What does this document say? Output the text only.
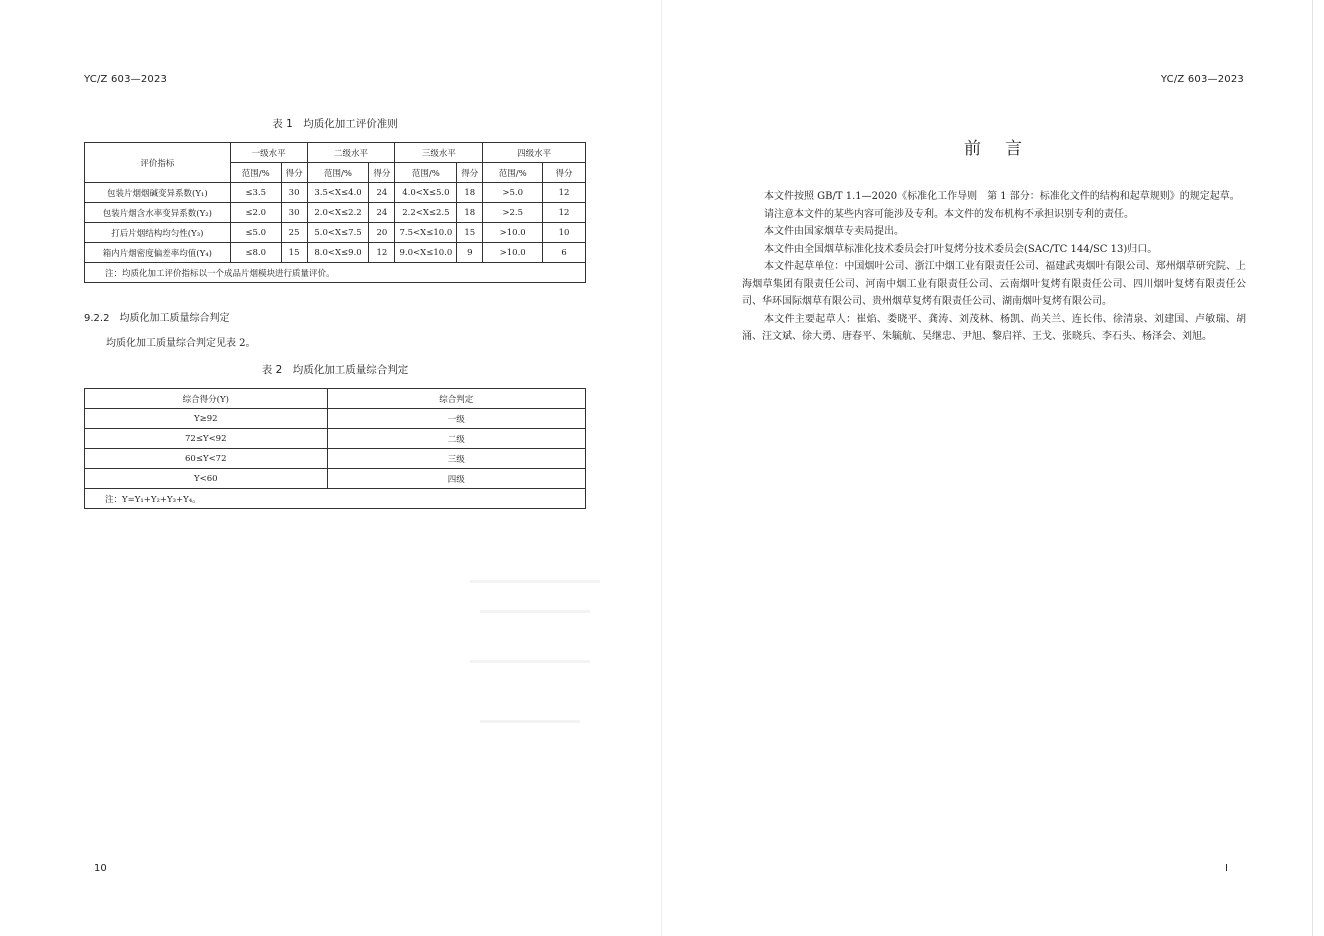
YC/Z 603—2023
表 1　均质化加工评价准则
评价指标	一级水平		二级水平		三级水平		四级水平	
	范围/%	得分	范围/%	得分	范围/%	得分	范围/%	得分
包装片烟烟碱变异系数(Y₁)	≤3.5	30	3.5<X≤4.0	24	4.0<X≤5.0	18	>5.0	12
包装片烟含水率变异系数(Y₂)	≤2.0	30	2.0<X≤2.2	24	2.2<X≤2.5	18	>2.5	12
打后片烟结构均匀性(Y₃)	≤5.0	25	5.0<X≤7.5	20	7.5<X≤10.0	15	>10.0	10
箱内片烟密度偏差率均值(Y₄)	≤8.0	15	8.0<X≤9.0	12	9.0<X≤10.0	9	>10.0	6
注：均质化加工评价指标以一个成品片烟模块进行质量评价。								
9.2.2 均质化加工质量综合判定
均质化加工质量综合判定见表 2。
表 2　均质化加工质量综合判定
综合得分(Y)	综合判定
Y≥92	一级
72≤Y<92	二级
60≤Y<72	三级
Y<60	四级
注：Y=Y₁+Y₂+Y₃+Y₄。	
10
YC/Z 603—2023
前言

本文件按照 GB/T 1.1—2020《标准化工作导则　第 1 部分：标准化文件的结构和起草规则》的规定起草。

请注意本文件的某些内容可能涉及专利。本文件的发布机构不承担识别专利的责任。

本文件由国家烟草专卖局提出。

本文件由全国烟草标准化技术委员会打叶复烤分技术委员会(SAC/TC 144/SC 13)归口。

本文件起草单位：中国烟叶公司、浙江中烟工业有限责任公司、福建武夷烟叶有限公司、郑州烟草研究院、上海烟草集团有限责任公司、河南中烟工业有限责任公司、云南烟叶复烤有限责任公司、四川烟叶复烤有限责任公司、华环国际烟草有限公司、贵州烟草复烤有限责任公司、湖南烟叶复烤有限公司。

本文件主要起草人：崔焰、娄晓平、龚涛、刘茂林、杨凯、尚关兰、连长伟、徐清泉、刘建国、卢敏瑞、胡涌、汪文斌、徐大勇、唐春平、朱毓航、吴继忠、尹旭、黎启祥、王戈、张晓兵、李石头、杨泽会、刘旭。

I
